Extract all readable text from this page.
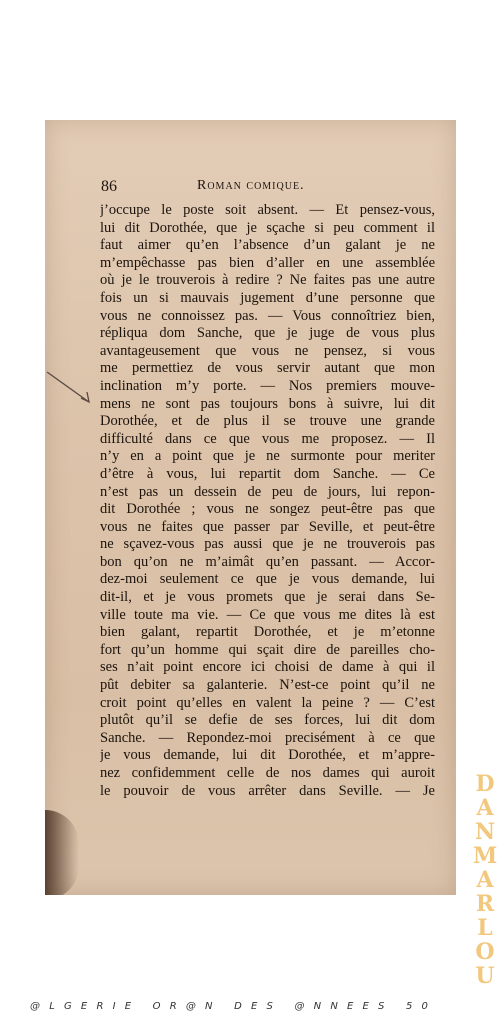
86	Roman comique.
j’occupe le poste soit absent. — Et pensez-vous,
lui dit Dorothée, que je sçache si peu comment il
faut aimer qu’en l’absence d’un galant je ne
m’empêchasse pas bien d’aller en une assemblée
où je le trouverois à redire ? Ne faites pas une autre
fois un si mauvais jugement d’une personne que
vous ne connoissez pas. — Vous connoîtriez bien,
répliqua dom Sanche, que je juge de vous plus
avantageusement que vous ne pensez, si vous
me permettiez de vous servir autant que mon
inclination m’y porte. — Nos premiers mouve-
mens ne sont pas toujours bons à suivre, lui dit
Dorothée, et de plus il se trouve une grande
difficulté dans ce que vous me proposez. — Il
n’y en a point que je ne surmonte pour meriter
d’être à vous, lui repartit dom Sanche. — Ce
n’est pas un dessein de peu de jours, lui repon-
dit Dorothée ; vous ne songez peut-être pas que
vous ne faites que passer par Seville, et peut-être
ne sçavez-vous pas aussi que je ne trouverois pas
bon qu’on ne m’aimât qu’en passant. — Accor-
dez-moi seulement ce que je vous demande, lui
dit-il, et je vous promets que je serai dans Se-
ville toute ma vie. — Ce que vous me dites là est
bien galant, repartit Dorothée, et je m’etonne
fort qu’un homme qui sçait dire de pareilles cho-
ses n’ait point encore ici choisi de dame à qui il
pût debiter sa galanterie. N’est-ce point qu’il ne
croit point qu’elles en valent la peine ? — C’est
plutôt qu’il se defie de ses forces, lui dit dom
Sanche. — Repondez-moi precisément à ce que
je vous demande, lui dit Dorothée, et m’appre-
nez confidemment celle de nos dames qui auroit
le pouvoir de vous arrêter dans Seville. — Je D
A
N
M
A
R
L
O
U
@LGERIE OR@N DES @NNEES 50
